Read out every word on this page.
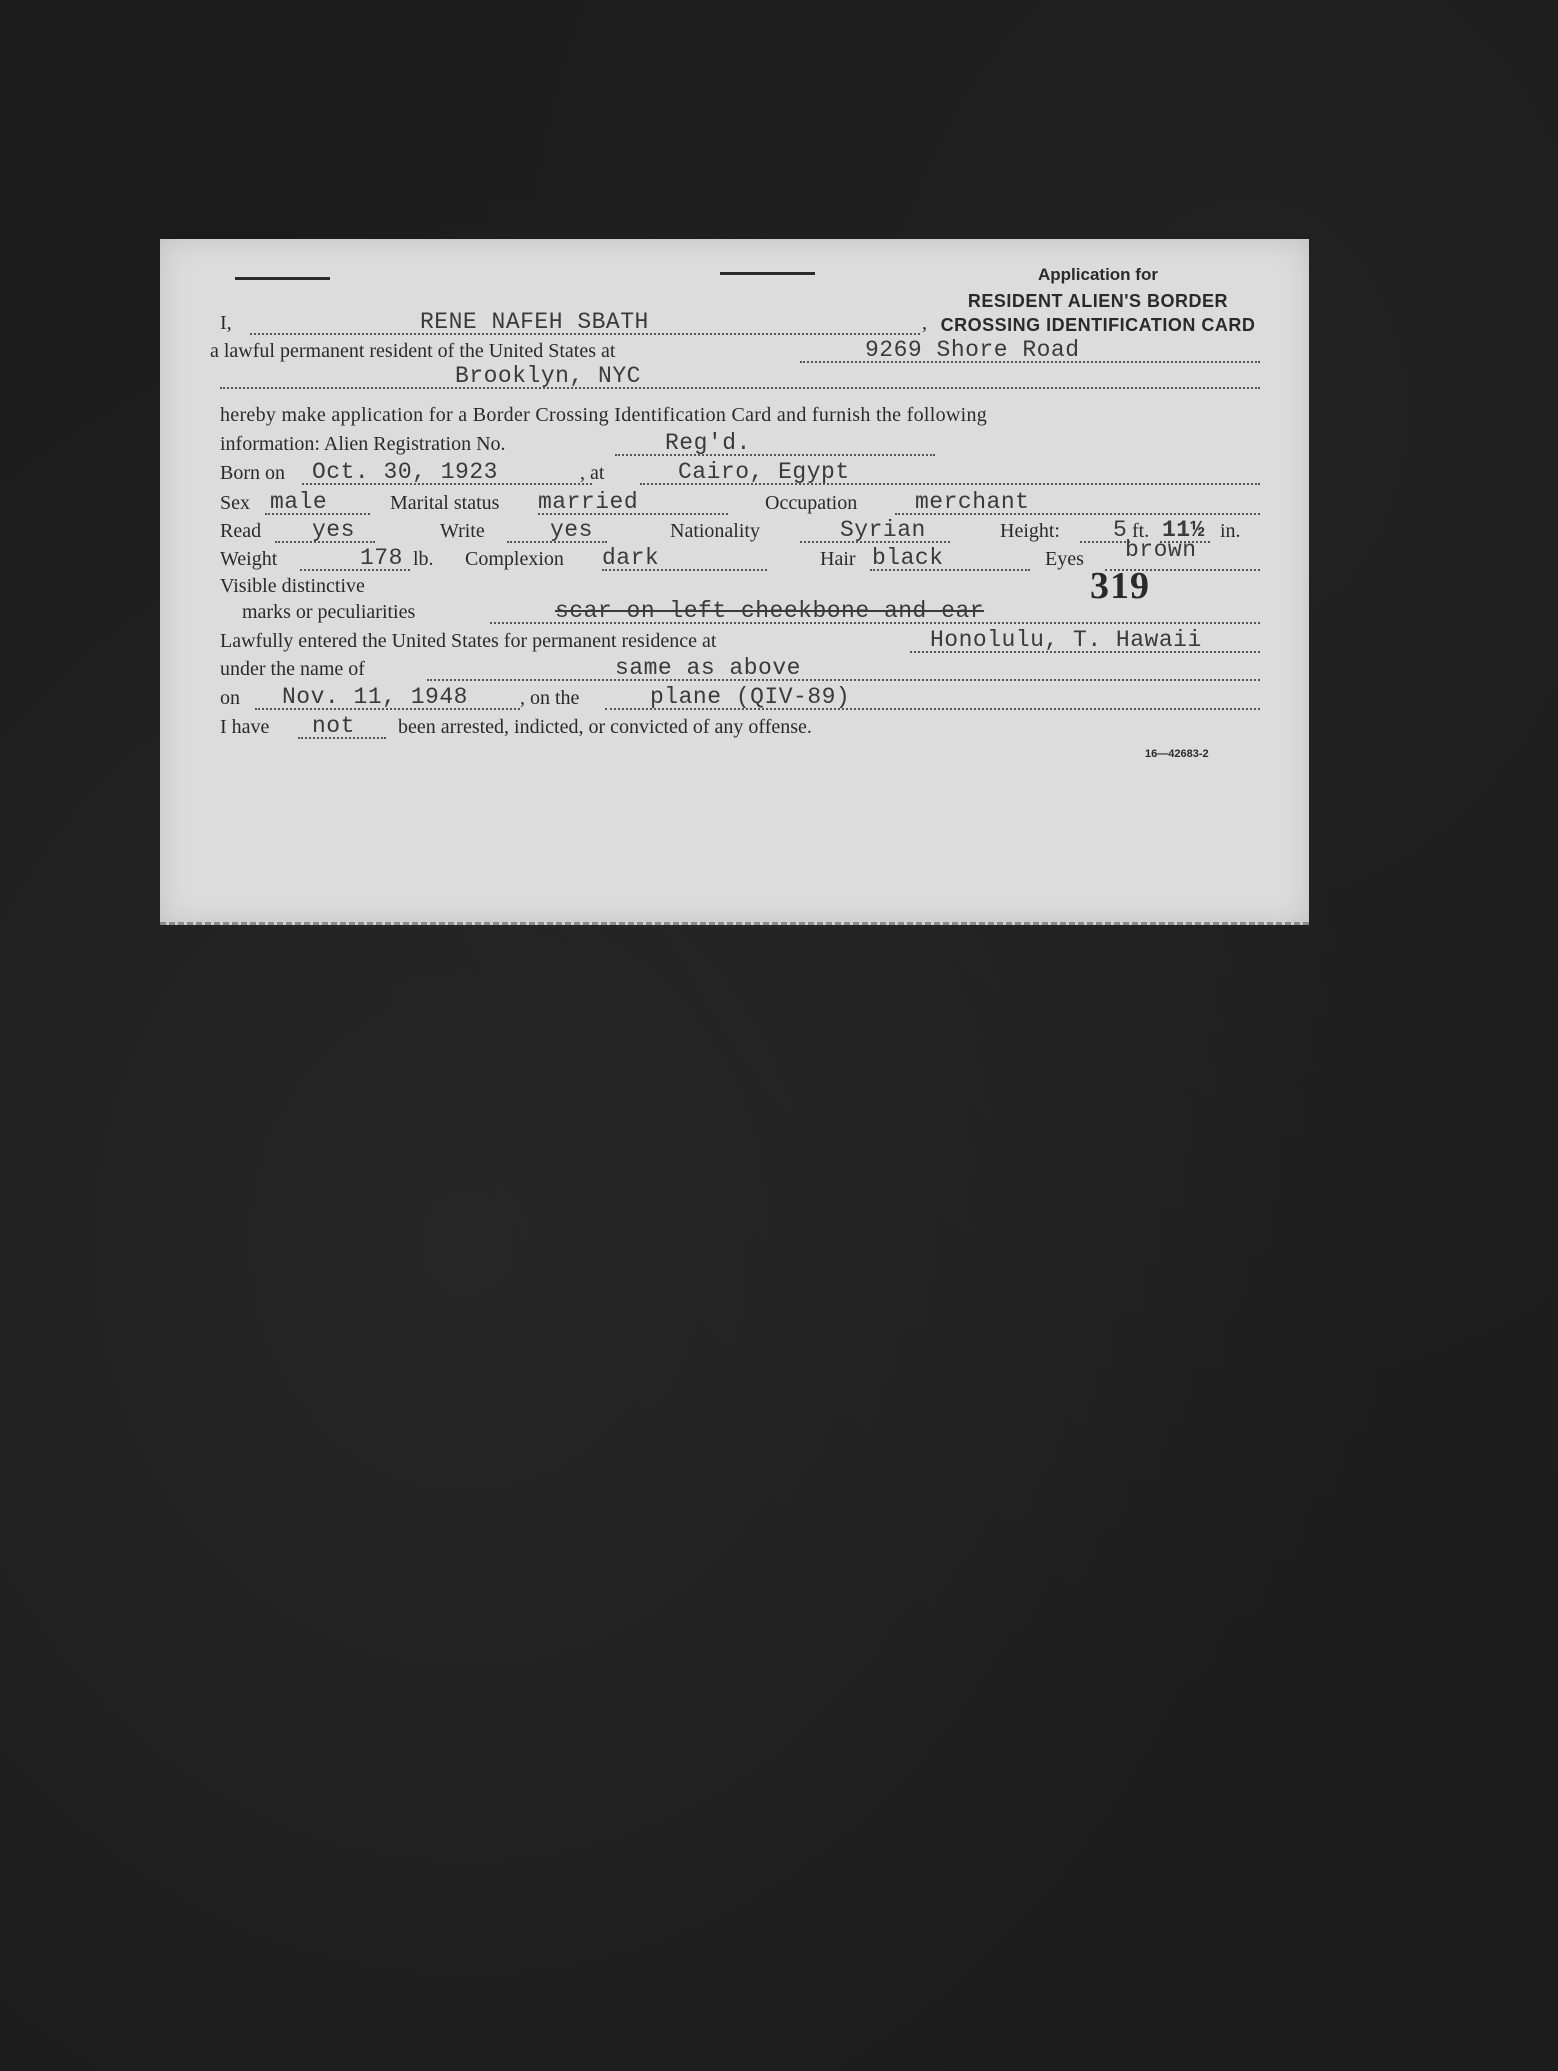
Application for
RESIDENT ALIEN'S BORDER
CROSSING IDENTIFICATION CARD
I,	RENE NAFEH SBATH	,
a lawful permanent resident of the United States at	9269 Shore Road
Brooklyn, NYC
hereby make application for a Border Crossing Identification Card and furnish the following
information: Alien Registration No.	Reg'd.
Born on Oct. 30, 1923	, at	Cairo, Egypt
Sex male	Marital status married	Occupation	merchant
Read yes	Write	yes	Nationality	Syrian	Height: 5 ft. 11½ in.
Weight	178 lb. Complexion dark	Hair black	Eyes brown
Visible distinctive
marks or peculiarities	scar on left cheekbone and ear
Lawfully entered the United States for permanent residence at	Honolulu, T. Hawaii
under the name of	same as above
on Nov. 11, 1948	, on the	plane (QIV-89)
I have not been arrested, indicted, or convicted of any offense.
319
16—42683-2
